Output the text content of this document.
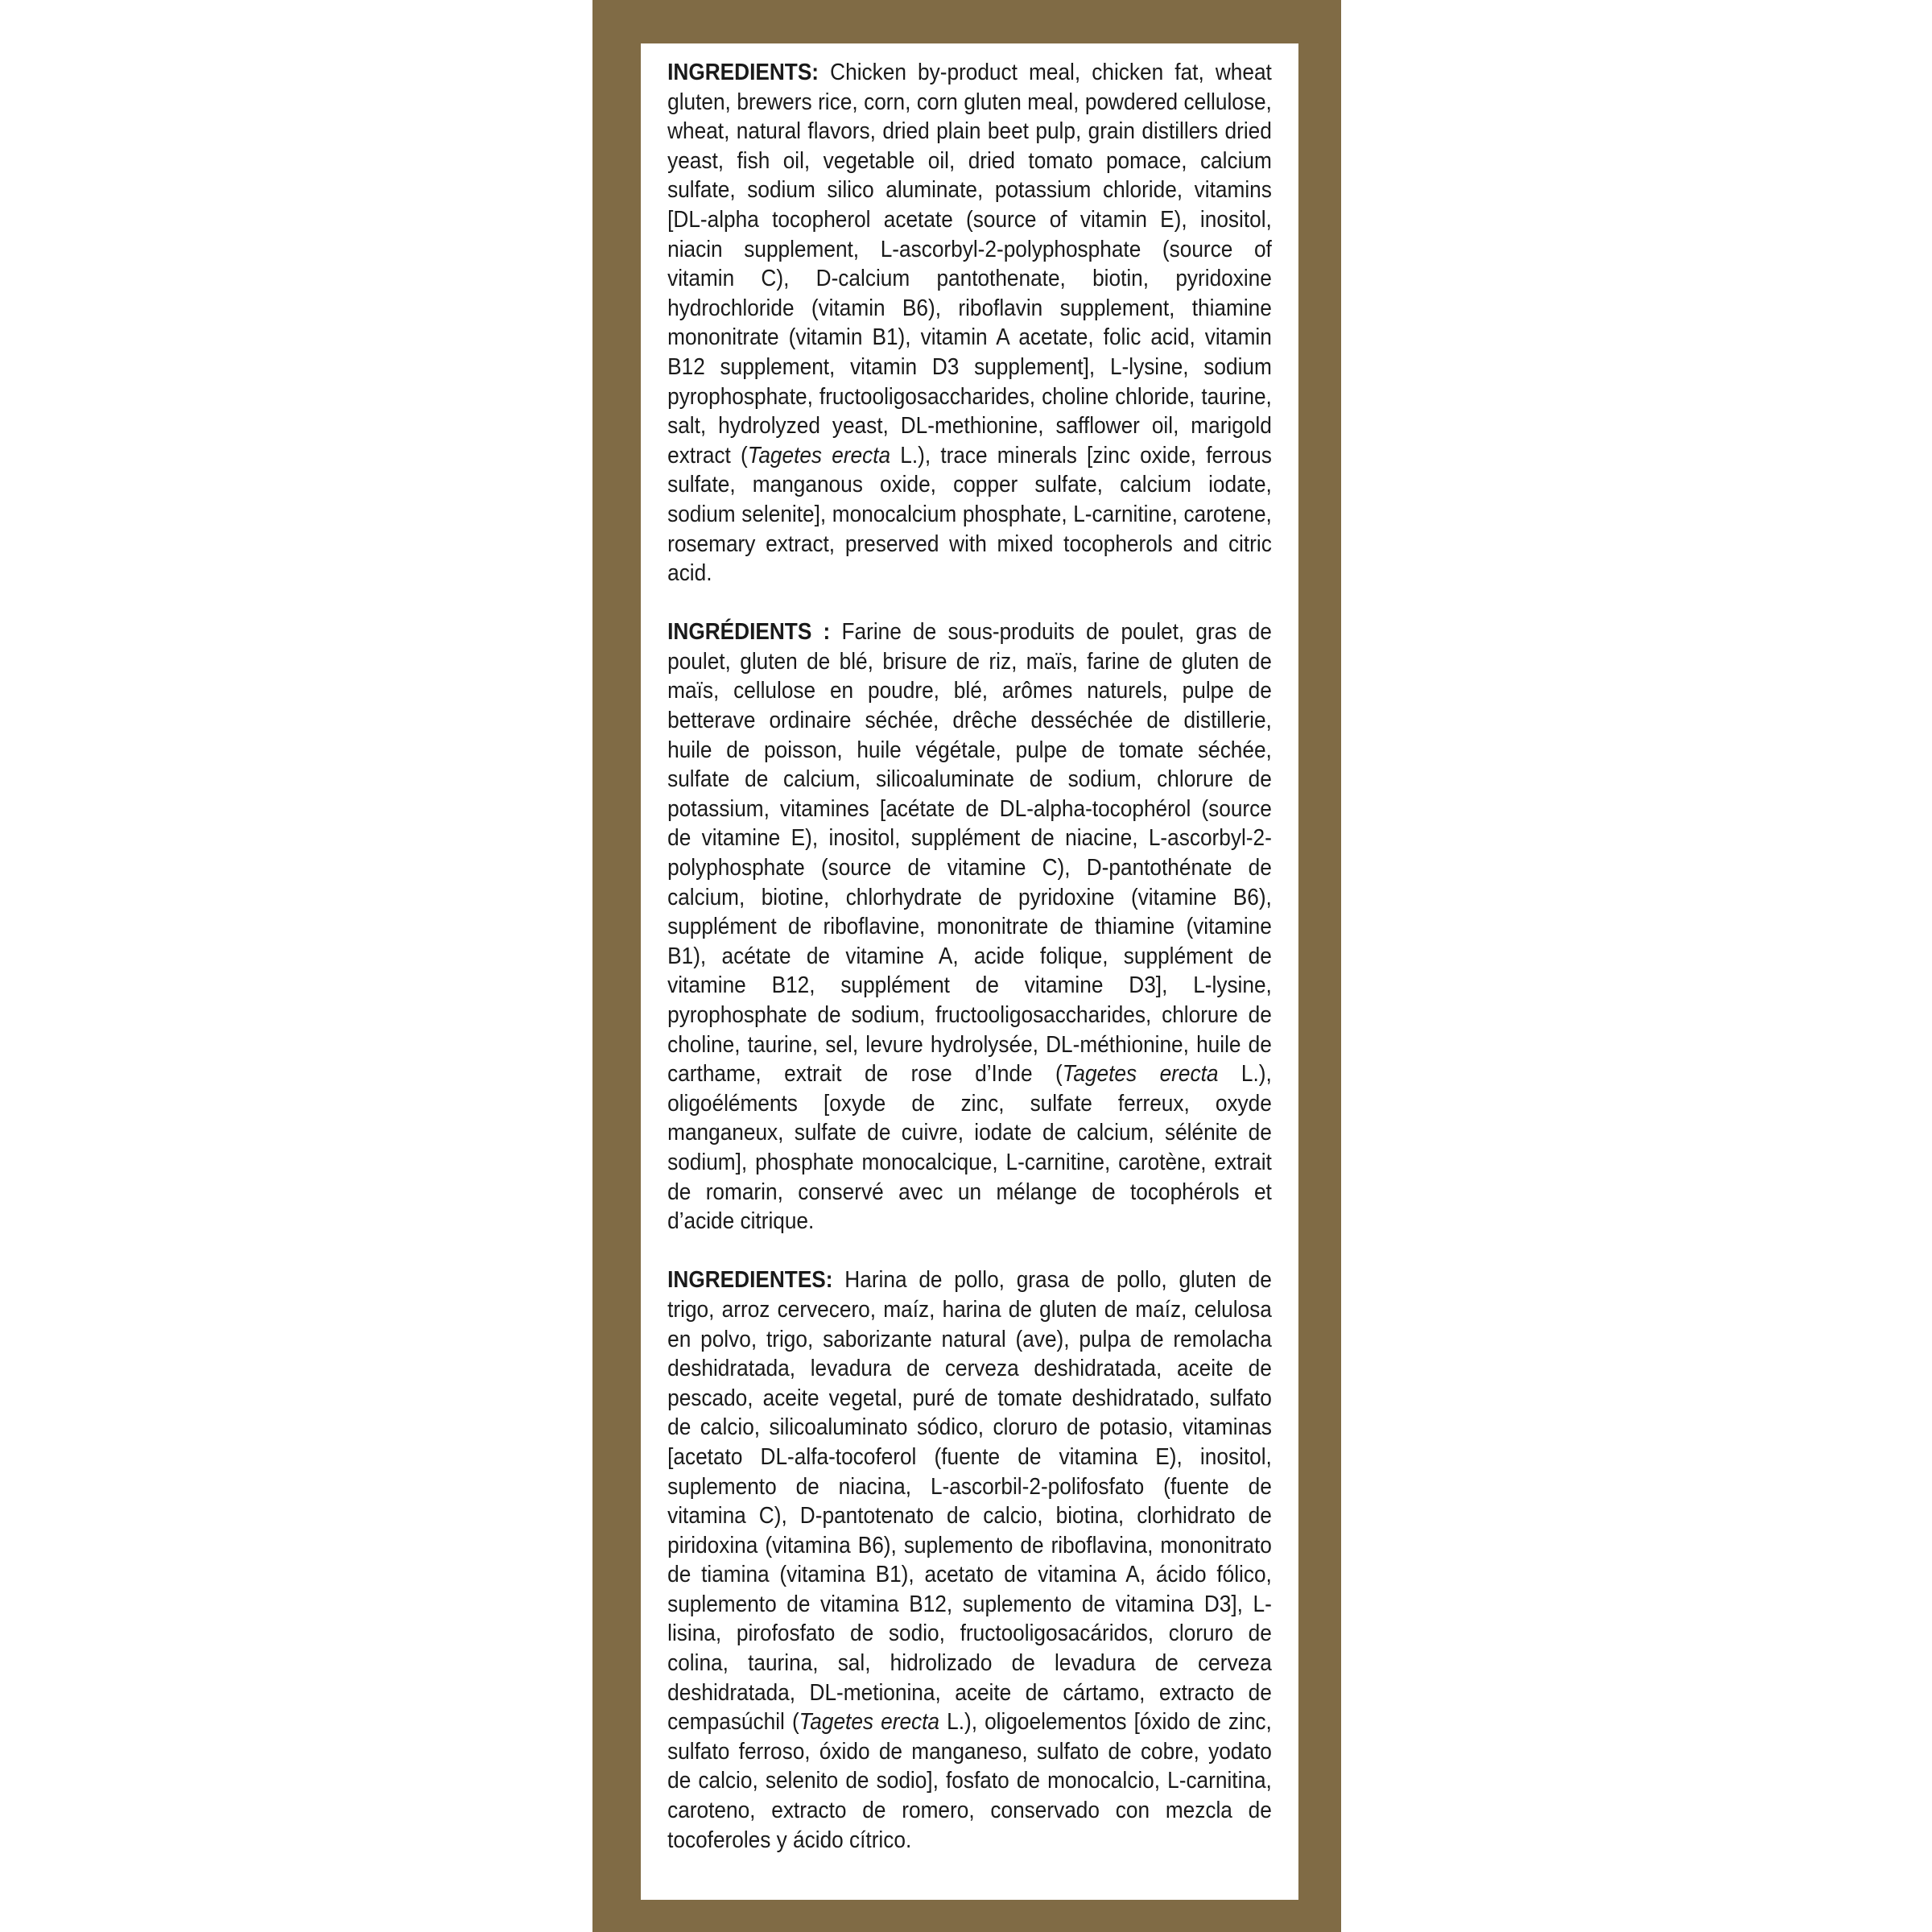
INGREDIENTS: Chicken by-product meal, chicken fat, wheat gluten, brewers rice, corn, corn gluten meal, powdered cellulose, wheat, natural flavors, dried plain beet pulp, grain distillers dried yeast, fish oil, vegetable oil, dried tomato pomace, calcium sulfate, sodium silico aluminate, potassium chloride, vitamins [DL-alpha tocopherol acetate (source of vitamin E), inositol, niacin supplement, L-ascorbyl-2-polyphosphate (source of vitamin C), D-calcium pantothenate, biotin, pyridoxine hydrochloride (vitamin B6), riboflavin supplement, thiamine mononitrate (vitamin B1), vitamin A acetate, folic acid, vitamin B12 supplement, vitamin D3 supplement], L-lysine, sodium pyrophosphate, fructooligosaccharides, choline chloride, taurine, salt, hydrolyzed yeast, DL-methionine, safflower oil, marigold extract (Tagetes erecta L.), trace minerals [zinc oxide, ferrous sulfate, manganous oxide, copper sulfate, calcium iodate, sodium selenite], monocalcium phosphate, L-carnitine, carotene, rosemary extract, preserved with mixed tocopherols and citric acid.

INGRÉDIENTS : Farine de sous-produits de poulet, gras de poulet, gluten de blé, brisure de riz, maïs, farine de gluten de maïs, cellulose en poudre, blé, arômes naturels, pulpe de betterave ordinaire séchée, drêche desséchée de distillerie, huile de poisson, huile végétale, pulpe de tomate séchée, sulfate de calcium, silicoaluminate de sodium, chlorure de potassium, vitamines [acétate de DL-alpha-tocophérol (source de vitamine E), inositol, supplément de niacine, L-ascorbyl-2-polyphosphate (source de vitamine C), D-pantothénate de calcium, biotine, chlorhydrate de pyridoxine (vitamine B6), supplément de riboflavine, mononitrate de thiamine (vitamine B1), acétate de vitamine A, acide folique, supplément de vitamine B12, supplément de vitamine D3], L-lysine, pyrophosphate de sodium, fructooligosaccharides, chlorure de choline, taurine, sel, levure hydrolysée, DL-méthionine, huile de carthame, extrait de rose d’Inde (Tagetes erecta L.), oligoéléments [oxyde de zinc, sulfate ferreux, oxyde manganeux, sulfate de cuivre, iodate de calcium, sélénite de sodium], phosphate monocalcique, L-carnitine, carotène, extrait de romarin, conservé avec un mélange de tocophérols et d’acide citrique.

INGREDIENTES: Harina de pollo, grasa de pollo, gluten de trigo, arroz cervecero, maíz, harina de gluten de maíz, celulosa en polvo, trigo, saborizante natural (ave), pulpa de remolacha deshidratada, levadura de cerveza deshidratada, aceite de pescado, aceite vegetal, puré de tomate deshidratado, sulfato de calcio, silicoaluminato sódico, cloruro de potasio, vitaminas [acetato DL-alfa-tocoferol (fuente de vitamina E), inositol, suplemento de niacina, L-ascorbil-2-polifosfato (fuente de vitamina C), D-pantotenato de calcio, biotina, clorhidrato de piridoxina (vitamina B6), suplemento de riboflavina, mononitrato de tiamina (vitamina B1), acetato de vitamina A, ácido fólico, suplemento de vitamina B12, suplemento de vitamina D3], L-lisina, pirofosfato de sodio, fructooligosacáridos, cloruro de colina, taurina, sal, hidrolizado de levadura de cerveza deshidratada, DL-metionina, aceite de cártamo, extracto de cempasúchil (Tagetes erecta L.), oligoelementos [óxido de zinc, sulfato ferroso, óxido de manganeso, sulfato de cobre, yodato de calcio, selenito de sodio], fosfato de monocalcio, L-carnitina, caroteno, extracto de romero, conservado con mezcla de tocoferoles y ácido cítrico.
